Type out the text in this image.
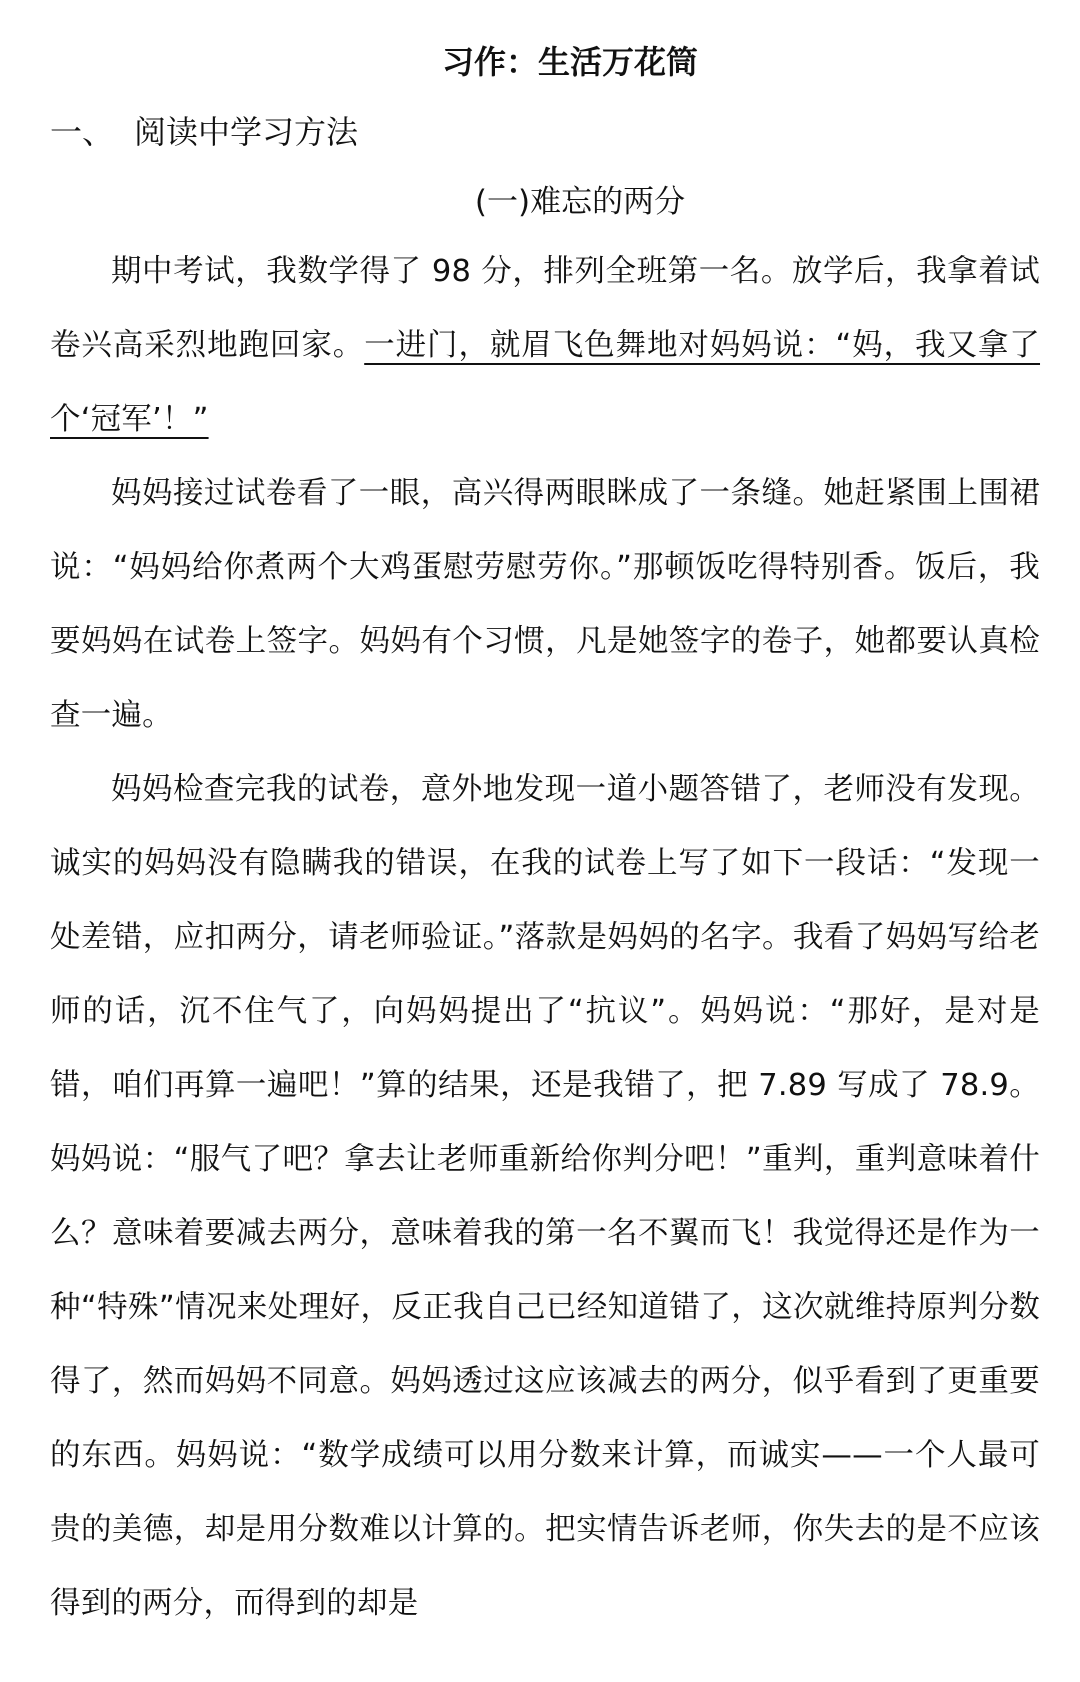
习作：生活万花筒
一、 阅读中学习方法
(一)难忘的两分

期中考试，我数学得了 98 分，排列全班第一名。放学后，我拿着试卷兴高采烈地跑回家。一进门，就眉飞色舞地对妈妈说：“妈，我又拿了个‘冠军’！”

妈妈接过试卷看了一眼，高兴得两眼眯成了一条缝。她赶紧围上围裙说：“妈妈给你煮两个大鸡蛋慰劳慰劳你。”那顿饭吃得特别香。饭后，我要妈妈在试卷上签字。妈妈有个习惯，凡是她签字的卷子，她都要认真检查一遍。

妈妈检查完我的试卷，意外地发现一道小题答错了，老师没有发现。诚实的妈妈没有隐瞒我的错误，在我的试卷上写了如下一段话：“发现一处差错，应扣两分，请老师验证。”落款是妈妈的名字。我看了妈妈写给老师的话，沉不住气了，向妈妈提出了“抗议”。妈妈说：“那好，是对是错，咱们再算一遍吧！”算的结果，还是我错了，把 7.89 写成了 78.9。妈妈说：“服气了吧？拿去让老师重新给你判分吧！”重判，重判意味着什么？意味着要减去两分，意味着我的第一名不翼而飞！我觉得还是作为一种“特殊”情况来处理好，反正我自己已经知道错了，这次就维持原判分数得了，然而妈妈不同意。妈妈透过这应该减去的两分，似乎看到了更重要的东西。妈妈说：“数学成绩可以用分数来计算，而诚实——一个人最可贵的美德，却是用分数难以计算的。把实情告诉老师，你失去的是不应该得到的两分，而得到的却是
